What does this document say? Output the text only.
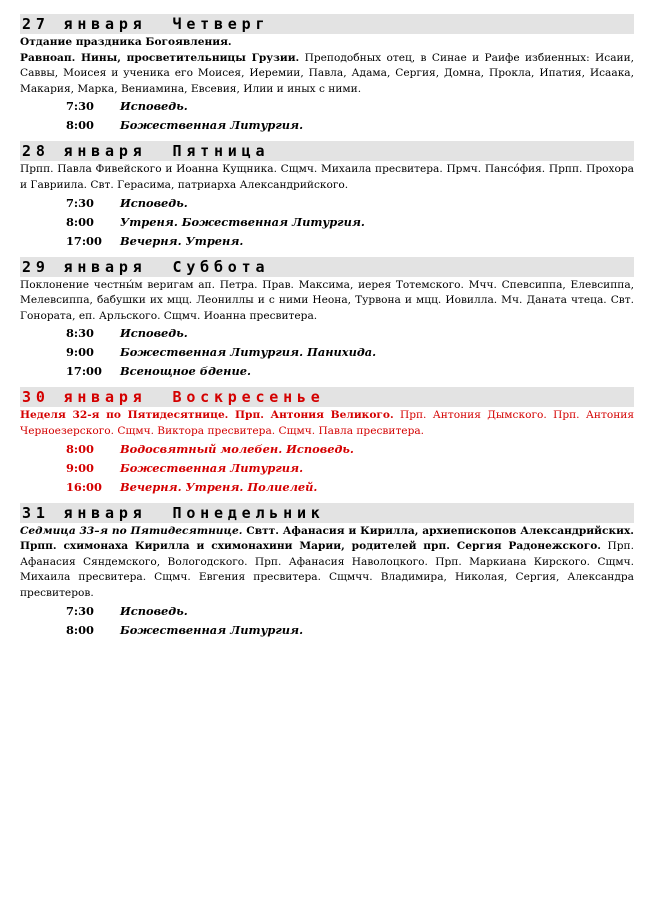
27 января Четверг
Отдание праздника Богоявления.
Равноап. Нины, просветительницы Грузии. Преподобных отец, в Синае и Раифе избиенных: Исаии, Саввы, Моисея и ученика его Моисея, Иеремии, Павла, Адама, Сергия, Домна, Прокла, Ипатия, Исаака, Макария, Марка, Вениамина, Евсевия, Илии и иных с ними.
7:30	Исповедь.
8:00	Божественная Литургия.
28 января Пятница
Прпп. Павла Фивейского и Иоанна Кущника. Сщмч. Михаила пресвитера. Прмч. Пансо́фия. Прпп. Прохора и Гавриила. Свт. Герасима, патриарха Александрийского.
7:30	Исповедь.
8:00	Утреня. Божественная Литургия.
17:00	Вечерня. Утреня.
29 января Суббота
Поклонение честны́м веригам ап. Петра. Прав. Максима, иерея Тотемского. Мчч. Спевсиппа, Елевсиппа, Мелевсиппа, бабушки их мцц. Леониллы и с ними Неона, Турвона и мцц. Иовилла. Мч. Даната чтеца. Свт. Гонората, еп. Арльского. Сщмч. Иоанна пресвитера.
8:30	Исповедь.
9:00	Божественная Литургия. Панихида.
17:00	Всенощное бдение.
30 января Воскресенье
Неделя 32-я по Пятидесятнице. Прп. Антония Великого. Прп. Антония Дымского. Прп. Антония Черноезерского. Сщмч. Виктора пресвитера. Сщмч. Павла пресвитера.
8:00	Водосвятный молебен. Исповедь.
9:00	Божественная Литургия.
16:00	Вечерня. Утреня. Полиелей.
31 января Понедельник
Седмица 33–я по Пятидесятнице. Свтт. Афанасия и Кирилла, архиепископов Александрийских. Прпп. схимонаха Кирилла и схимонахини Марии, родителей прп. Сергия Радонежского. Прп. Афанасия Сяндемского, Вологодского. Прп. Афанасия Наволоцкого. Прп. Маркиана Кирского. Сщмч. Михаила пресвитера. Сщмч. Евгения пресвитера. Сщмчч. Владимира, Николая, Сергия, Александра пресвитеров.
7:30	Исповедь.
8:00	Божественная Литургия.
